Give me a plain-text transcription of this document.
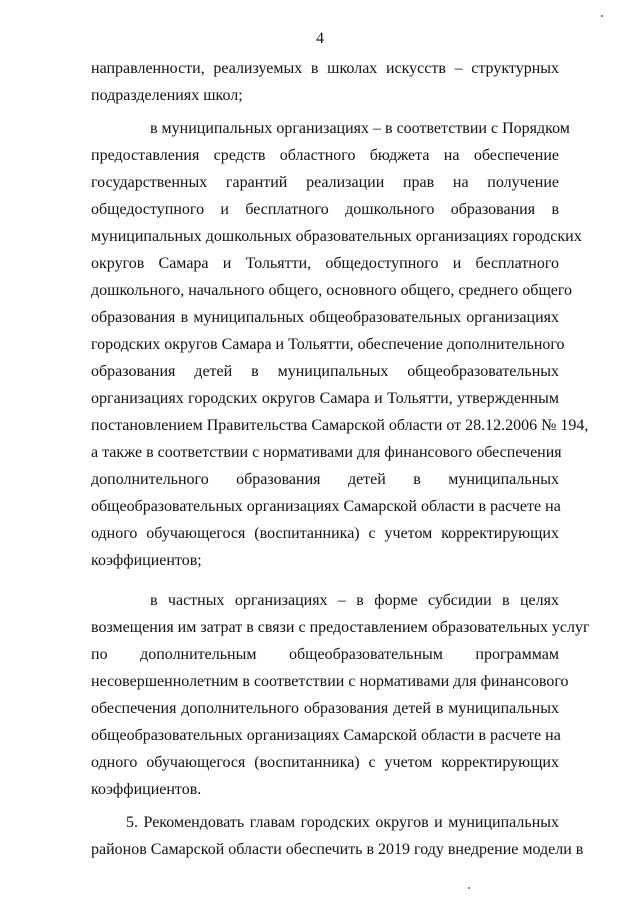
4
направленности, реализуемых в школах искусств – структурных
подразделениях школ;
в муниципальных организациях – в соответствии с Порядком
предоставления средств областного бюджета на обеспечение
государственных гарантий реализации прав на получение
общедоступного и бесплатного дошкольного образования в
муниципальных дошкольных образовательных организациях городских
округов Самара и Тольятти, общедоступного и бесплатного
дошкольного, начального общего, основного общего, среднего общего
образования в муниципальных общеобразовательных организациях
городских округов Самара и Тольятти, обеспечение дополнительного
образования детей в муниципальных общеобразовательных
организациях городских округов Самара и Тольятти, утвержденным
постановлением Правительства Самарской области от 28.12.2006 № 194,
а также в соответствии с нормативами для финансового обеспечения
дополнительного образования детей в муниципальных
общеобразовательных организациях Самарской области в расчете на
одного обучающегося (воспитанника) с учетом корректирующих
коэффициентов;
в частных организациях – в форме субсидии в целях
возмещения им затрат в связи с предоставлением образовательных услуг
по дополнительным общеобразовательным программам
несовершеннолетним в соответствии с нормативами для финансового
обеспечения дополнительного образования детей в муниципальных
общеобразовательных организациях Самарской области в расчете на
одного обучающегося (воспитанника) с учетом корректирующих
коэффициентов.
5. Рекомендовать главам городских округов и муниципальных
районов Самарской области обеспечить в 2019 году внедрение модели в
